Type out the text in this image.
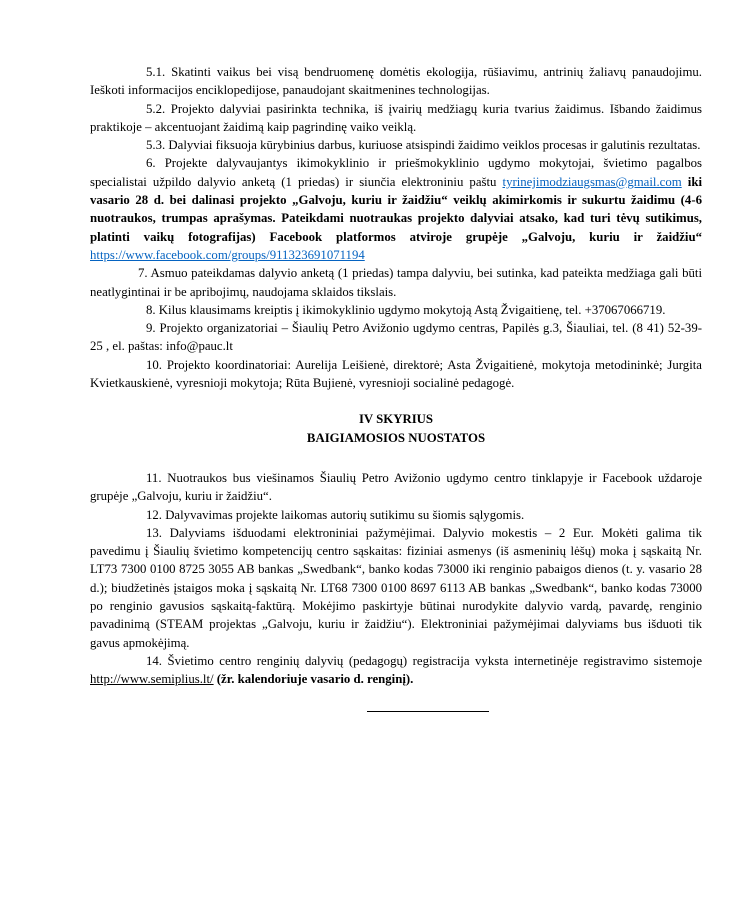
5.1. Skatinti vaikus bei visą bendruomenę domėtis ekologija, rūšiavimu, antrinių žaliavų panaudojimu. Ieškoti informacijos enciklopedijose, panaudojant skaitmenines technologijas.

5.2. Projekto dalyviai pasirinkta technika, iš įvairių medžiagų kuria tvarius žaidimus. Išbando žaidimus praktikoje – akcentuojant žaidimą kaip pagrindinę vaiko veiklą.

5.3. Dalyviai fiksuoja kūrybinius darbus, kuriuose atsispindi žaidimo veiklos procesas ir galutinis rezultatas.

6. Projekte dalyvaujantys ikimokyklinio ir priešmokyklinio ugdymo mokytojai, švietimo pagalbos specialistai užpildo dalyvio anketą (1 priedas) ir siunčia elektroniniu paštu tyrinejimodziaugsmas@gmail.com iki vasario 28 d. bei dalinasi projekto „Galvoju, kuriu ir žaidžiu“ veiklų akimirkomis ir sukurtu žaidimu (4-6 nuotraukos, trumpas aprašymas. Pateikdami nuotraukas projekto dalyviai atsako, kad turi tėvų sutikimus, platinti vaikų fotografijas) Facebook platformos atviroje grupėje „Galvoju, kuriu ir žaidžiu“ https://www.facebook.com/groups/911323691071194

7. Asmuo pateikdamas dalyvio anketą (1 priedas) tampa dalyviu, bei sutinka, kad pateikta medžiaga gali būti neatlygintinai ir be apribojimų, naudojama sklaidos tikslais.

8. Kilus klausimams kreiptis į ikimokyklinio ugdymo mokytoją Astą Žvigaitienę, tel. +37067066719.

9. Projekto organizatoriai – Šiaulių Petro Avižonio ugdymo centras, Papilės g.3, Šiauliai, tel. (8 41) 52-39-25 , el. paštas: info@pauc.lt

10. Projekto koordinatoriai: Aurelija Leišienė, direktorė; Asta Žvigaitienė, mokytoja metodininkė; Jurgita Kvietkauskienė, vyresnioji mokytoja; Rūta Bujienė, vyresnioji socialinė pedagogė.

IV SKYRIUS

BAIGIAMOSIOS NUOSTATOS

11. Nuotraukos bus viešinamos Šiaulių Petro Avižonio ugdymo centro tinklapyje ir Facebook uždaroje grupėje „Galvoju, kuriu ir žaidžiu“.

12. Dalyvavimas projekte laikomas autorių sutikimu su šiomis sąlygomis.

13. Dalyviams išduodami elektroniniai pažymėjimai. Dalyvio mokestis – 2 Eur. Mokėti galima tik pavedimu į Šiaulių švietimo kompetencijų centro sąskaitas: fiziniai asmenys (iš asmeninių lėšų) moka į sąskaitą Nr. LT73 7300 0100 8725 3055 AB bankas „Swedbank“, banko kodas 73000 iki renginio pabaigos dienos (t. y. vasario 28 d.); biudžetinės įstaigos moka į sąskaitą Nr. LT68 7300 0100 8697 6113 AB bankas „Swedbank“, banko kodas 73000 po renginio gavusios sąskaitą-faktūrą. Mokėjimo paskirtyje būtinai nurodykite dalyvio vardą, pavardę, renginio pavadinimą (STEAM projektas „Galvoju, kuriu ir žaidžiu“). Elektroniniai pažymėjimai dalyviams bus išduoti tik gavus apmokėjimą.

14. Švietimo centro renginių dalyvių (pedagogų) registracija vyksta internetinėje registravimo sistemoje http://www.semiplius.lt/ (žr. kalendoriuje vasario d. renginį).
